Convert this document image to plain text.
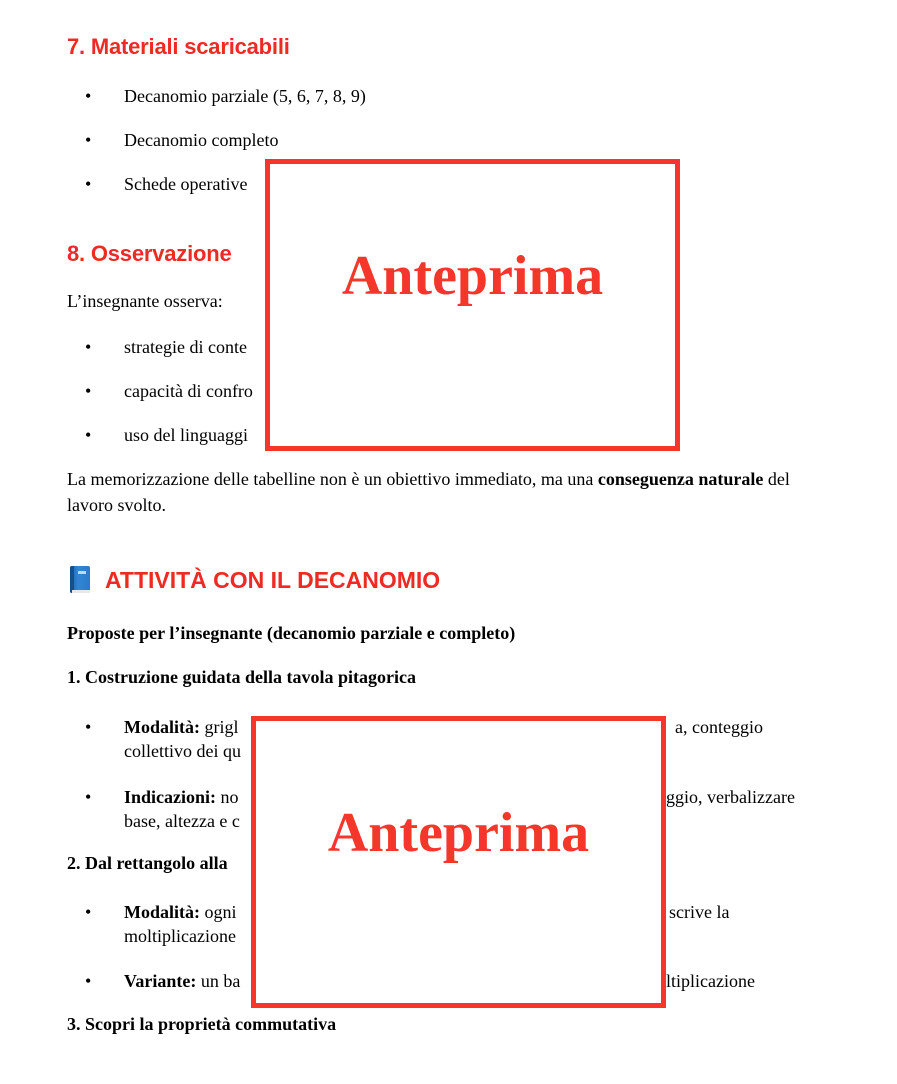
7. Materiali scaricabili
• Decanomio parziale (5, 6, 7, 8, 9)
• Decanomio completo
• Schede operative
8. Osservazione

L’insegnante osserva:

• strategie di conte
• capacità di confro
• uso del linguaggi

La memorizzazione delle tabelline non è un obiettivo immediato, ma una conseguenza naturale del lavoro svolto.

ATTIVITÀ CON IL DECANOMIO

Proposte per l’insegnante (decanomio parziale e completo)

1. Costruzione guidata della tavola pitagorica

• Modalità: grigl	a, conteggio

collettivo dei qu
• Indicazioni: no	ggio, verbalizzare

base, altezza e c

2. Dal rettangolo alla

• Modalità: ogni	scrive la

moltiplicazione
• Variante: un ba	ltiplicazione

3. Scopri la proprietà commutativa

Anteprima
Anteprima
